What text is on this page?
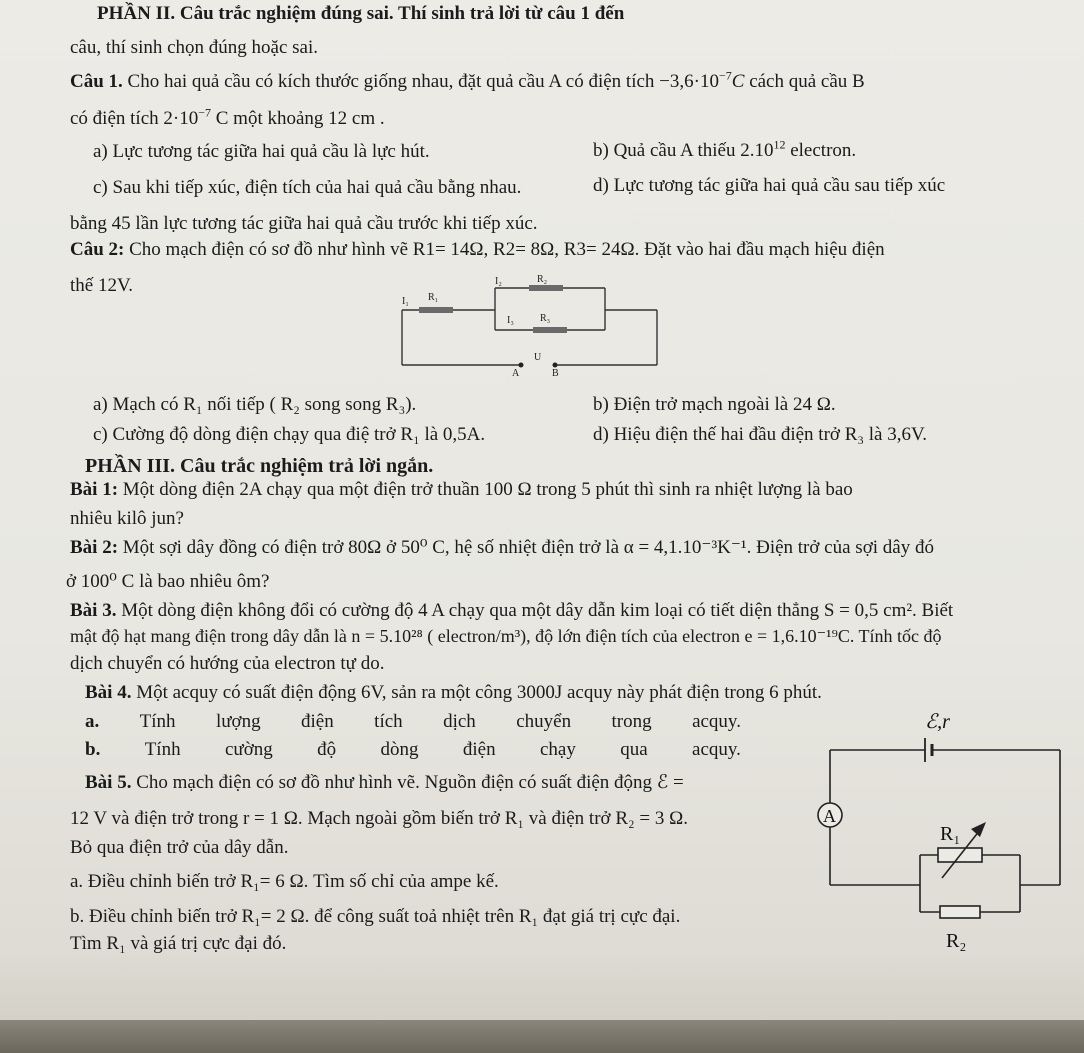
PHẦN II. Câu trắc nghiệm đúng sai. Thí sinh trả lời từ câu 1 đến
câu, thí sinh chọn đúng hoặc sai.
Câu 1. Cho hai quả cầu có kích thước giống nhau, đặt quả cầu A có điện tích $-3,6\cdot 10^{-7}C$ cách quả cầu B
có điện tích $2\cdot 10^{-7}$ C một khoảng 12 cm .
a) Lực tương tác giữa hai quả cầu là lực hút.	b) Quả cầu A thiếu 2.10$^{12}$ electron.
c) Sau khi tiếp xúc, điện tích của hai quả cầu bằng nhau.	d) Lực tương tác giữa hai quả cầu sau tiếp xúc
bằng 45 lần lực tương tác giữa hai quả cầu trước khi tiếp xúc.
Câu 2: Cho mạch điện có sơ đồ như hình vẽ R1= 14Ω, R2= 8Ω, R3= 24Ω. Đặt vào hai đầu mạch hiệu điện
thế 12V.
I₁ R₁
I₂	R₂
I₃	R₃
U
A	B
a) Mạch có R₁ nối tiếp ( R₂ song song R₃).	b) Điện trở mạch ngoài là 24 Ω.
c) Cường độ dòng điện chạy qua điệ trở R₁ là 0,5A.	d) Hiệu điện thế hai đầu điện trở R₃ là 3,6V.
PHẦN III. Câu trắc nghiệm trả lời ngắn.
Bài 1: Một dòng điện 2A chạy qua một điện trở thuần 100 Ω trong 5 phút thì sinh ra nhiệt lượng là bao
nhiêu kilô jun?
Bài 2: Một sợi dây đồng có điện trở 80Ω ở 50⁰ C, hệ số nhiệt điện trở là α = 4,1.10⁻³K⁻¹. Điện trở của sợi dây đó
ở 100⁰ C là bao nhiêu ôm?
Bài 3. Một dòng điện không đổi có cường độ 4 A chạy qua một dây dẫn kim loại có tiết diện thẳng S = 0,5 cm². Biết
mật độ hạt mang điện trong dây dẫn là n = 5.10²⁸ ( electron/m³), độ lớn điện tích của electron e = 1,6.10⁻¹⁹C. Tính tốc độ
dịch chuyển có hướng của electron tự do.
Bài 4. Một acquy có suất điện động 6V, sản ra một công 3000J acquy này phát điện trong 6 phút.
a. Tính lượng điện tích dịch chuyển trong acquy.
b. Tính cường độ dòng điện chạy qua acquy.
Bài 5. Cho mạch điện có sơ đồ như hình vẽ. Nguồn điện có suất điện động ℰ =
12 V và điện trở trong r = 1 Ω. Mạch ngoài gồm biến trở R₁ và điện trở R₂ = 3 Ω.
Bỏ qua điện trở của dây dẫn.
a. Điều chỉnh biến trở R₁= 6 Ω. Tìm số chỉ của ampe kế.
b. Điều chỉnh biến trở R₁= 2 Ω. để công suất toả nhiệt trên R₁ đạt giá trị cực đại.
Tìm R₁ và giá trị cực đại đó.
ℰ,r
A
R₁
R₂
